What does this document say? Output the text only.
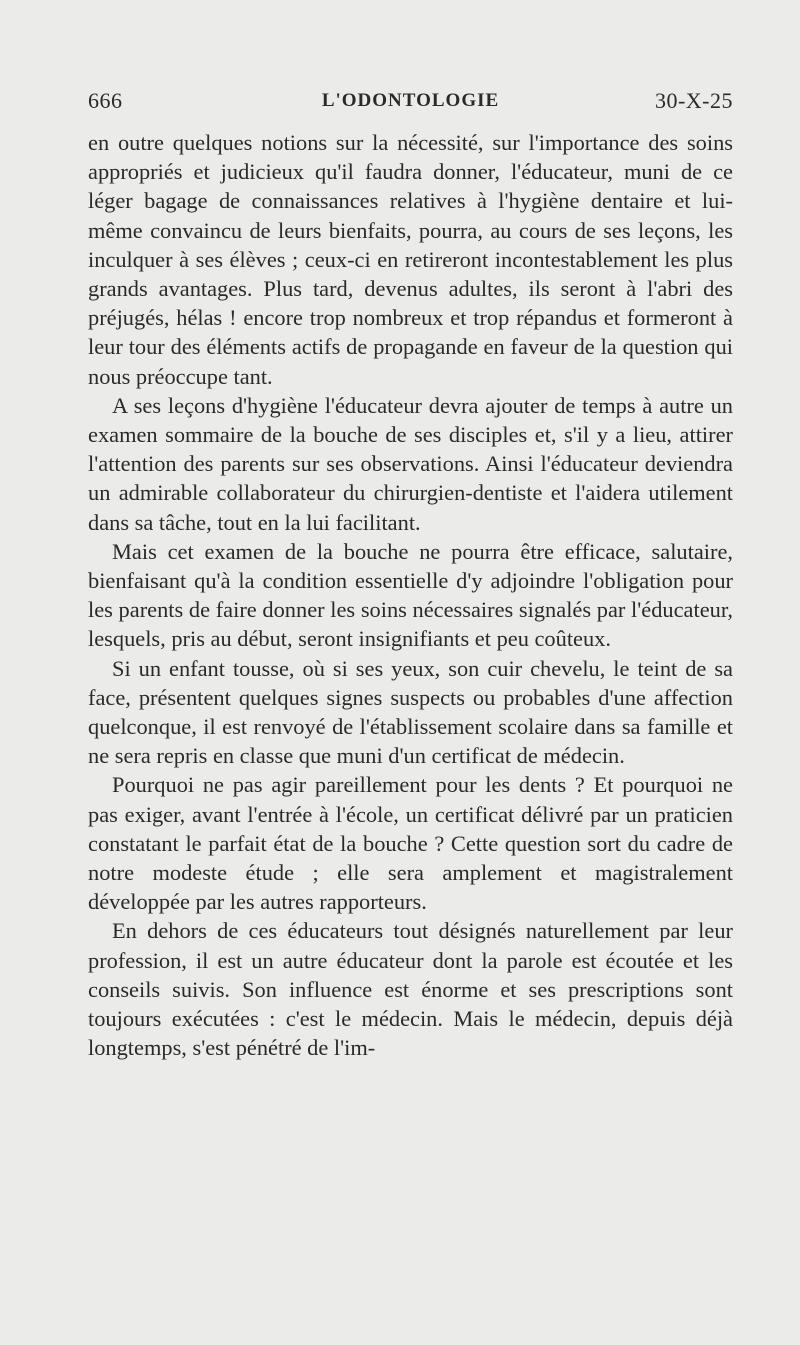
666	L'ODONTOLOGIE	30-X-25

en outre quelques notions sur la nécessité, sur l'importance des soins appropriés et judicieux qu'il faudra donner, l'éducateur, muni de ce léger bagage de connaissances relatives à l'hygiène dentaire et lui-même convaincu de leurs bienfaits, pourra, au cours de ses leçons, les inculquer à ses élèves ; ceux-ci en retireront incontestablement les plus grands avantages. Plus tard, devenus adultes, ils seront à l'abri des préjugés, hélas ! encore trop nombreux et trop répandus et formeront à leur tour des éléments actifs de propagande en faveur de la question qui nous préoccupe tant.

A ses leçons d'hygiène l'éducateur devra ajouter de temps à autre un examen sommaire de la bouche de ses disciples et, s'il y a lieu, attirer l'attention des parents sur ses observations. Ainsi l'éducateur deviendra un admirable collaborateur du chirurgien-dentiste et l'aidera utilement dans sa tâche, tout en la lui facilitant.

Mais cet examen de la bouche ne pourra être efficace, salutaire, bienfaisant qu'à la condition essentielle d'y adjoindre l'obligation pour les parents de faire donner les soins nécessaires signalés par l'éducateur, lesquels, pris au début, seront insignifiants et peu coûteux.

Si un enfant tousse, où si ses yeux, son cuir chevelu, le teint de sa face, présentent quelques signes suspects ou probables d'une affection quelconque, il est renvoyé de l'établissement scolaire dans sa famille et ne sera repris en classe que muni d'un certificat de médecin.

Pourquoi ne pas agir pareillement pour les dents ? Et pourquoi ne pas exiger, avant l'entrée à l'école, un certificat délivré par un praticien constatant le parfait état de la bouche ? Cette question sort du cadre de notre modeste étude ; elle sera amplement et magistralement développée par les autres rapporteurs.

En dehors de ces éducateurs tout désignés naturellement par leur profession, il est un autre éducateur dont la parole est écoutée et les conseils suivis. Son influence est énorme et ses prescriptions sont toujours exécutées : c'est le médecin. Mais le médecin, depuis déjà longtemps, s'est pénétré de l'im-
